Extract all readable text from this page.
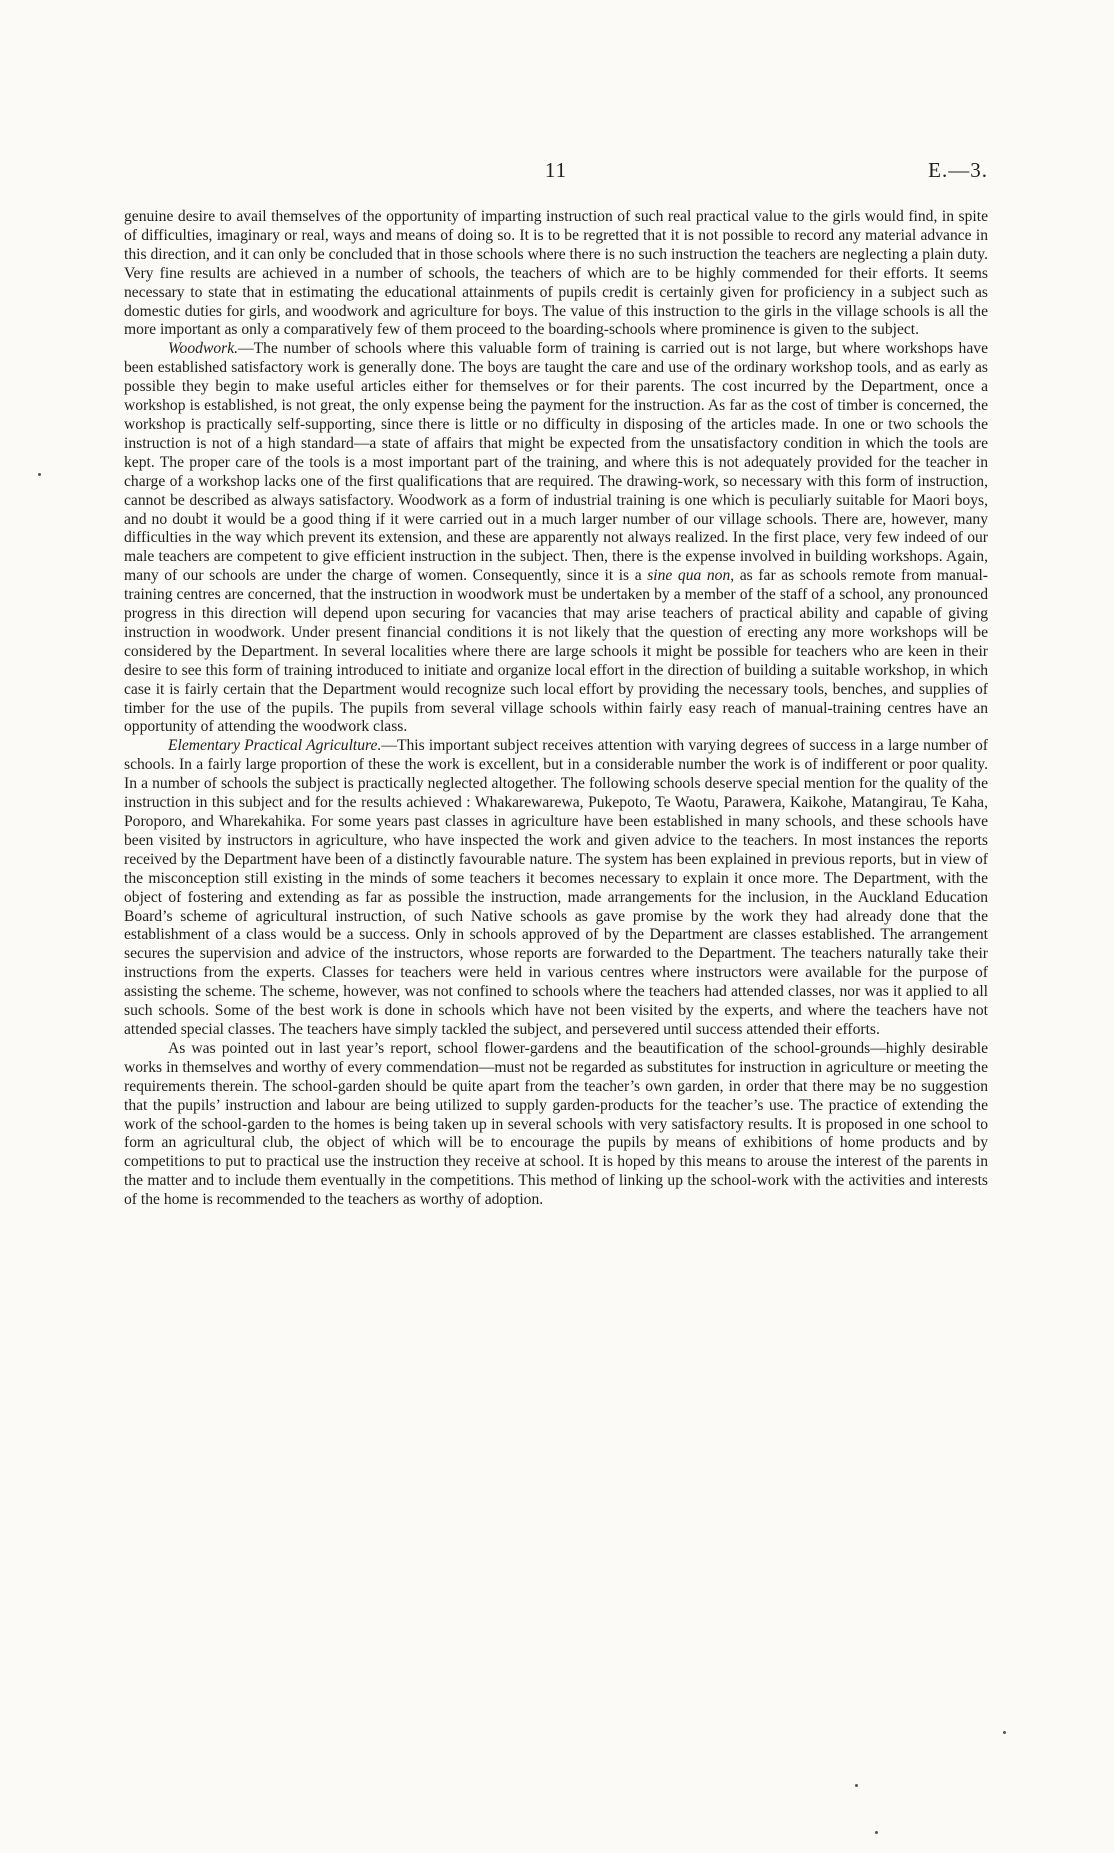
11	E.—3.

genuine desire to avail themselves of the opportunity of imparting instruction of such real practical value to the girls would find, in spite of difficulties, imaginary or real, ways and means of doing so. It is to be regretted that it is not possible to record any material advance in this direction, and it can only be concluded that in those schools where there is no such instruction the teachers are neglecting a plain duty. Very fine results are achieved in a number of schools, the teachers of which are to be highly commended for their efforts. It seems necessary to state that in estimating the educational attainments of pupils credit is certainly given for proficiency in a subject such as domestic duties for girls, and woodwork and agriculture for boys. The value of this instruction to the girls in the village schools is all the more important as only a comparatively few of them proceed to the boarding-schools where prominence is given to the subject.

Woodwork.—The number of schools where this valuable form of training is carried out is not large, but where workshops have been established satisfactory work is generally done. The boys are taught the care and use of the ordinary workshop tools, and as early as possible they begin to make useful articles either for themselves or for their parents. The cost incurred by the Department, once a workshop is established, is not great, the only expense being the payment for the instruction. As far as the cost of timber is concerned, the workshop is practically self-supporting, since there is little or no difficulty in disposing of the articles made. In one or two schools the instruction is not of a high standard—a state of affairs that might be expected from the unsatisfactory condition in which the tools are kept. The proper care of the tools is a most important part of the training, and where this is not adequately provided for the teacher in charge of a workshop lacks one of the first qualifications that are required. The drawing-work, so necessary with this form of instruction, cannot be described as always satisfactory. Woodwork as a form of industrial training is one which is peculiarly suitable for Maori boys, and no doubt it would be a good thing if it were carried out in a much larger number of our village schools. There are, however, many difficulties in the way which prevent its extension, and these are apparently not always realized. In the first place, very few indeed of our male teachers are competent to give efficient instruction in the subject. Then, there is the expense involved in building workshops. Again, many of our schools are under the charge of women. Consequently, since it is a sine qua non, as far as schools remote from manual-training centres are concerned, that the instruction in woodwork must be undertaken by a member of the staff of a school, any pronounced progress in this direction will depend upon securing for vacancies that may arise teachers of practical ability and capable of giving instruction in woodwork. Under present financial conditions it is not likely that the question of erecting any more workshops will be considered by the Department. In several localities where there are large schools it might be possible for teachers who are keen in their desire to see this form of training introduced to initiate and organize local effort in the direction of building a suitable workshop, in which case it is fairly certain that the Department would recognize such local effort by providing the necessary tools, benches, and supplies of timber for the use of the pupils. The pupils from several village schools within fairly easy reach of manual-training centres have an opportunity of attending the woodwork class.

Elementary Practical Agriculture.—This important subject receives attention with varying degrees of success in a large number of schools. In a fairly large proportion of these the work is excellent, but in a considerable number the work is of indifferent or poor quality. In a number of schools the subject is practically neglected altogether. The following schools deserve special mention for the quality of the instruction in this subject and for the results achieved : Whakarewarewa, Pukepoto, Te Waotu, Parawera, Kaikohe, Matangirau, Te Kaha, Poroporo, and Wharekahika. For some years past classes in agriculture have been established in many schools, and these schools have been visited by instructors in agriculture, who have inspected the work and given advice to the teachers. In most instances the reports received by the Department have been of a distinctly favourable nature. The system has been explained in previous reports, but in view of the misconception still existing in the minds of some teachers it becomes necessary to explain it once more. The Department, with the object of fostering and extending as far as possible the instruction, made arrangements for the inclusion, in the Auckland Education Board’s scheme of agricultural instruction, of such Native schools as gave promise by the work they had already done that the establishment of a class would be a success. Only in schools approved of by the Department are classes established. The arrangement secures the supervision and advice of the instructors, whose reports are forwarded to the Department. The teachers naturally take their instructions from the experts. Classes for teachers were held in various centres where instructors were available for the purpose of assisting the scheme. The scheme, however, was not confined to schools where the teachers had attended classes, nor was it applied to all such schools. Some of the best work is done in schools which have not been visited by the experts, and where the teachers have not attended special classes. The teachers have simply tackled the subject, and persevered until success attended their efforts.

As was pointed out in last year’s report, school flower-gardens and the beautification of the school-grounds—highly desirable works in themselves and worthy of every commendation—must not be regarded as substitutes for instruction in agriculture or meeting the requirements therein. The school-garden should be quite apart from the teacher’s own garden, in order that there may be no suggestion that the pupils’ instruction and labour are being utilized to supply garden-products for the teacher’s use. The practice of extending the work of the school-garden to the homes is being taken up in several schools with very satisfactory results. It is proposed in one school to form an agricultural club, the object of which will be to encourage the pupils by means of exhibitions of home products and by competitions to put to practical use the instruction they receive at school. It is hoped by this means to arouse the interest of the parents in the matter and to include them eventually in the competitions. This method of linking up the school-work with the activities and interests of the home is recommended to the teachers as worthy of adoption.
